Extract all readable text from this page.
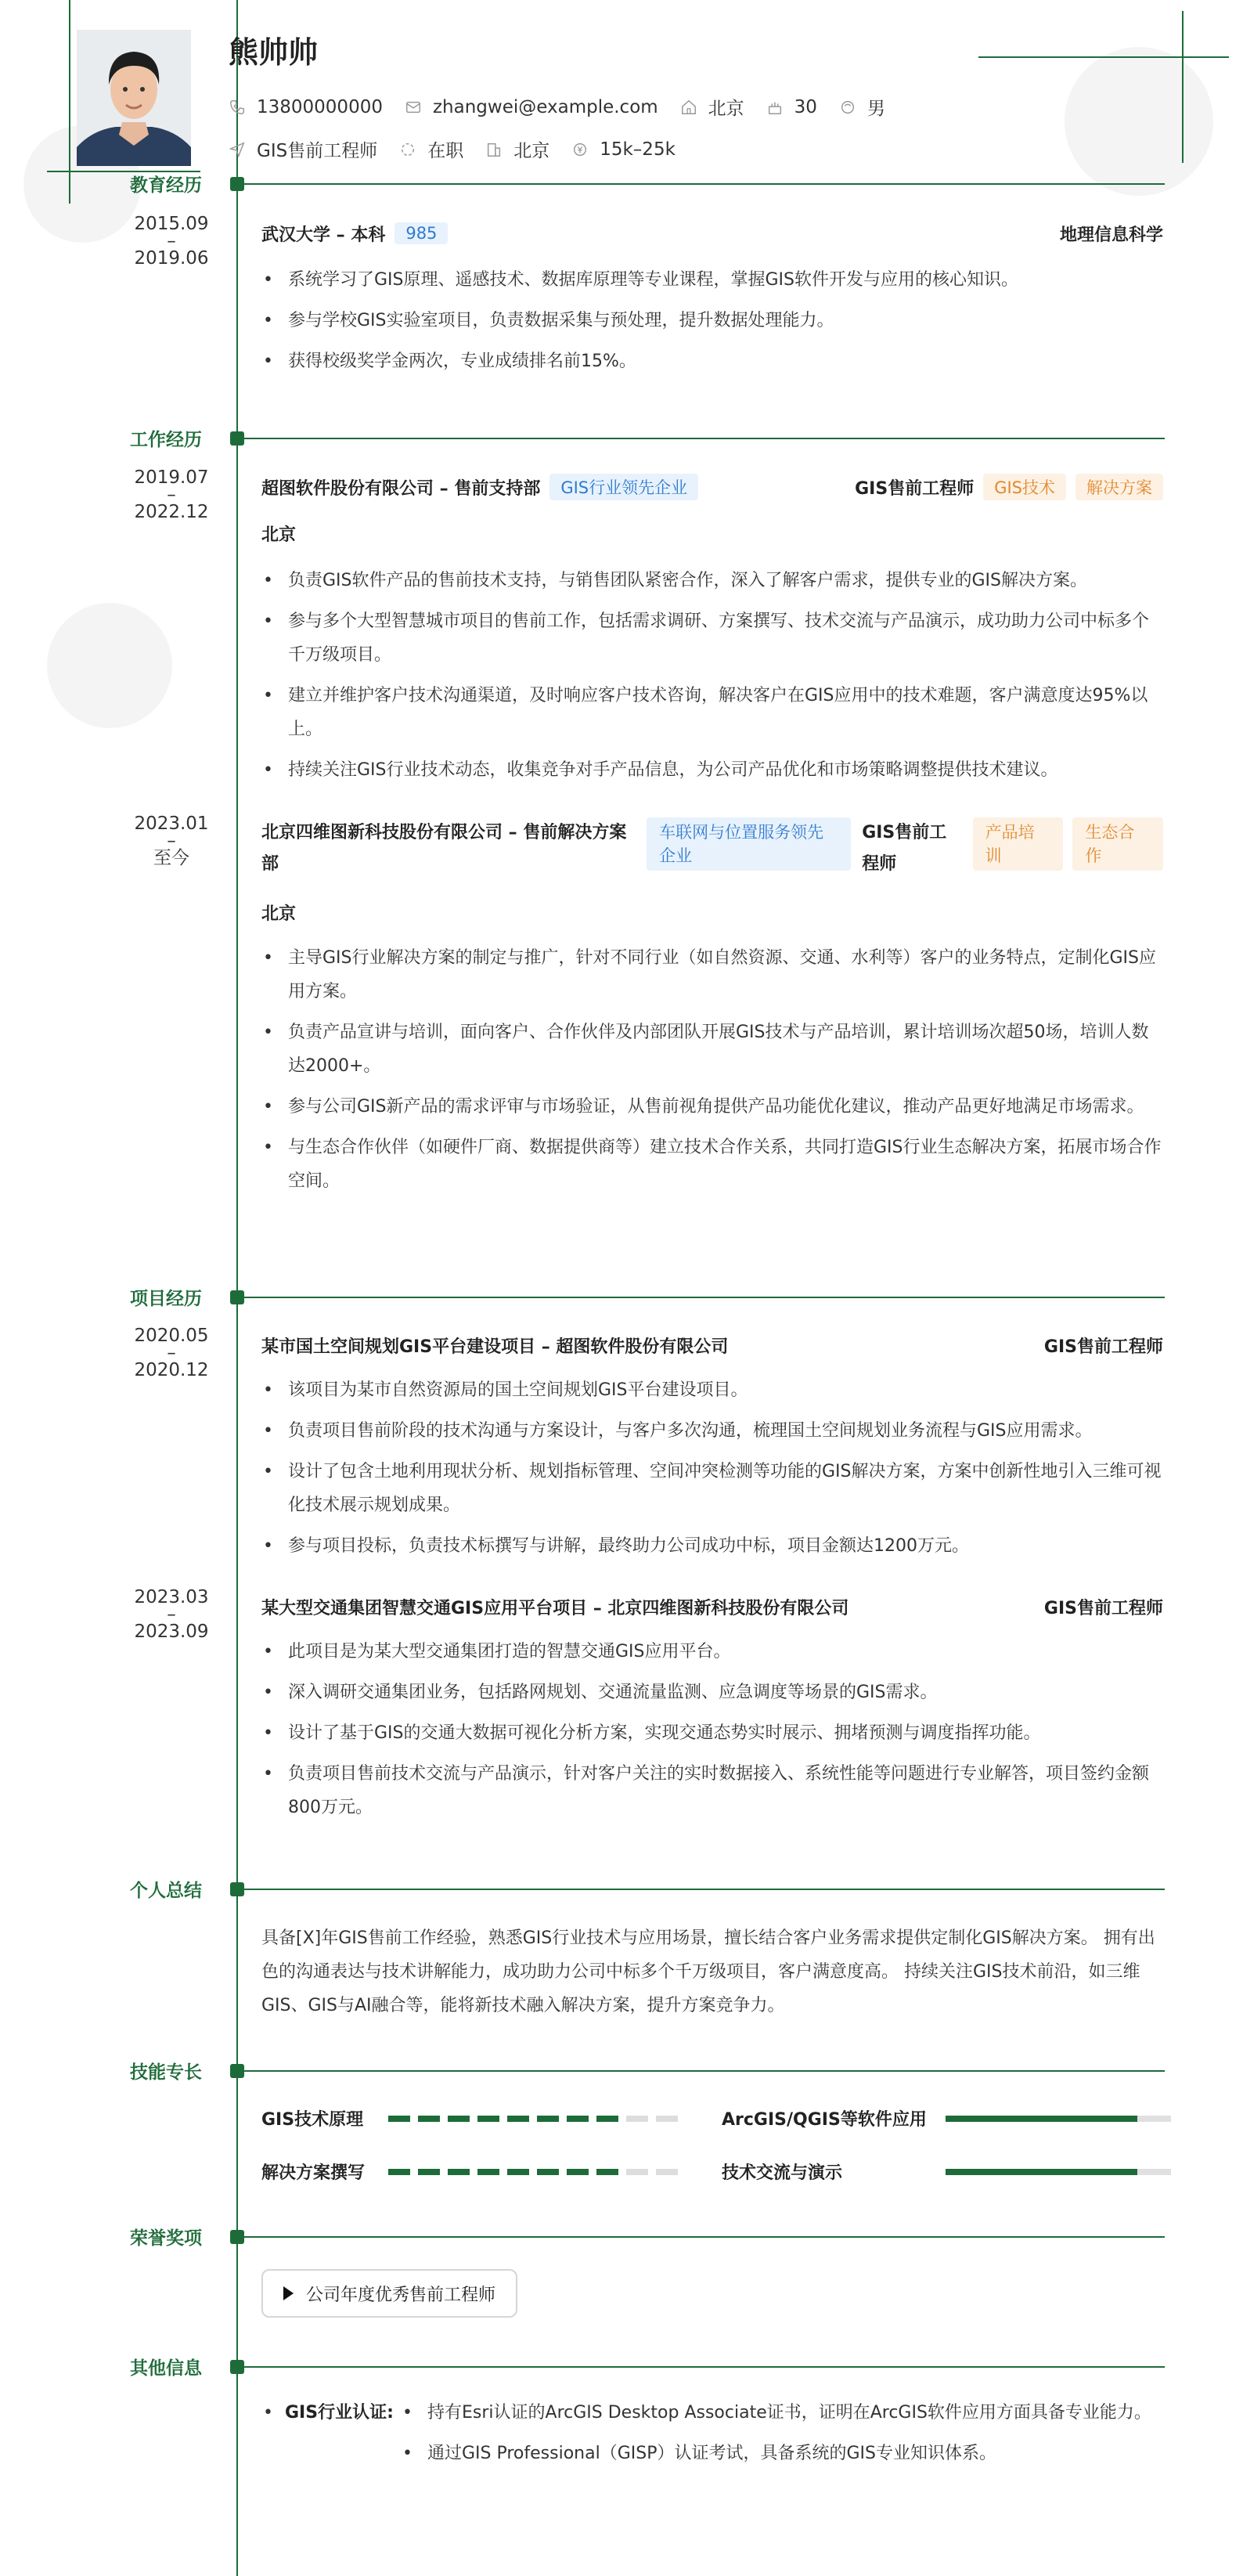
熊帅帅
13800000000	zhangwei@example.com	北京	30	男
GIS售前工程师	在职	北京	15k–25k
教育经历
2015.09
–
2019.06
武汉大学 – 本科	985	地理信息科学
• 系统学习了GIS原理、遥感技术、数据库原理等专业课程，掌握GIS软件开发与应用的核心知识。
• 参与学校GIS实验室项目，负责数据采集与预处理，提升数据处理能力。
• 获得校级奖学金两次，专业成绩排名前15%。
工作经历
2019.07
–
2022.12
超图软件股份有限公司 – 售前支持部	GIS行业领先企业	GIS售前工程师	GIS技术	解决方案
北京
• 负责GIS软件产品的售前技术支持，与销售团队紧密合作，深入了解客户需求，提供专业的GIS解决方案。
• 参与多个大型智慧城市项目的售前工作，包括需求调研、方案撰写、技术交流与产品演示，成功助力公司中标多个千万级项目。
• 建立并维护客户技术沟通渠道，及时响应客户技术咨询，解决客户在GIS应用中的技术难题，客户满意度达95%以上。
• 持续关注GIS行业技术动态，收集竞争对手产品信息，为公司产品优化和市场策略调整提供技术建议。
2023.01
–
至今
北京四维图新科技股份有限公司 – 售前解决方案部
车联网与位置服务领先企业
GIS售前工程师
产品培训
生态合作
北京
• 主导GIS行业解决方案的制定与推广，针对不同行业（如自然资源、交通、水利等）客户的业务特点，定制化GIS应用方案。
• 负责产品宣讲与培训，面向客户、合作伙伴及内部团队开展GIS技术与产品培训，累计培训场次超50场，培训人数达2000+。
• 参与公司GIS新产品的需求评审与市场验证，从售前视角提供产品功能优化建议，推动产品更好地满足市场需求。
• 与生态合作伙伴（如硬件厂商、数据提供商等）建立技术合作关系，共同打造GIS行业生态解决方案，拓展市场合作空间。
项目经历
2020.05
–
2020.12
某市国土空间规划GIS平台建设项目 – 超图软件股份有限公司	GIS售前工程师
• 该项目为某市自然资源局的国土空间规划GIS平台建设项目。
• 负责项目售前阶段的技术沟通与方案设计，与客户多次沟通，梳理国土空间规划业务流程与GIS应用需求。
• 设计了包含土地利用现状分析、规划指标管理、空间冲突检测等功能的GIS解决方案，方案中创新性地引入三维可视化技术展示规划成果。
• 参与项目投标，负责技术标撰写与讲解，最终助力公司成功中标，项目金额达1200万元。
2023.03
–
2023.09
某大型交通集团智慧交通GIS应用平台项目 – 北京四维图新科技股份有限公司	GIS售前工程师
• 此项目是为某大型交通集团打造的智慧交通GIS应用平台。
• 深入调研交通集团业务，包括路网规划、交通流量监测、应急调度等场景的GIS需求。
• 设计了基于GIS的交通大数据可视化分析方案，实现交通态势实时展示、拥堵预测与调度指挥功能。
• 负责项目售前技术交流与产品演示，针对客户关注的实时数据接入、系统性能等问题进行专业解答，项目签约金额800万元。
个人总结
具备[X]年GIS售前工作经验，熟悉GIS行业技术与应用场景，擅长结合客户业务需求提供定制化GIS解决方案。 拥有出色的沟通表达与技术讲解能力，成功助力公司中标多个千万级项目，客户满意度高。 持续关注GIS技术前沿，如三维GIS、GIS与AI融合等，能将新技术融入解决方案，提升方案竞争力。
技能专长
GIS技术原理	ArcGIS/QGIS等软件应用
解决方案撰写	技术交流与演示
荣誉奖项
公司年度优秀售前工程师
其他信息
• GIS行业认证:
•	持有Esri认证的ArcGIS Desktop Associate证书，证明在ArcGIS软件应用方面具备专业能力。
• 通过GIS Professional（GISP）认证考试，具备系统的GIS专业知识体系。
